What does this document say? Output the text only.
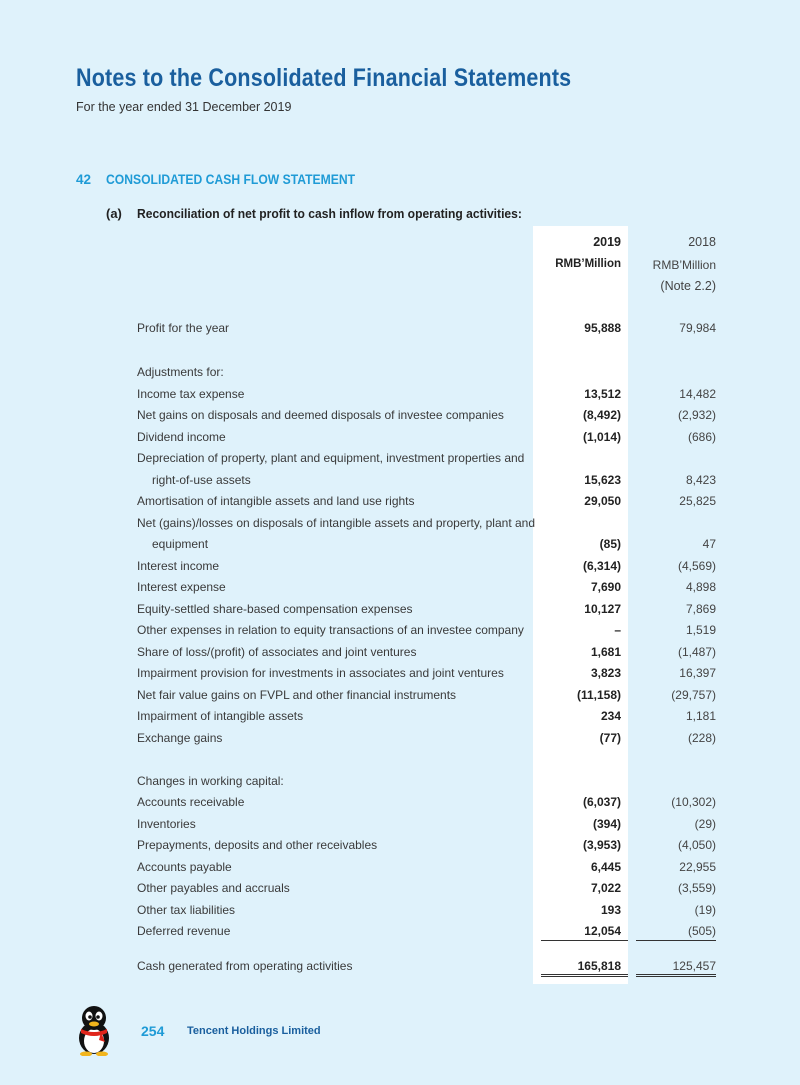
Notes to the Consolidated Financial Statements
For the year ended 31 December 2019
42 CONSOLIDATED CASH FLOW STATEMENT
(a) Reconciliation of net profit to cash inflow from operating activities:
2019	2018
RMB’Million	RMB’Million
(Note 2.2)
Profit for the year	95,888	79,984
Adjustments for:
Income tax expense	13,512	14,482
Net gains on disposals and deemed disposals of investee companies	(8,492)	(2,932)
Dividend income	(1,014)	(686)
Depreciation of property, plant and equipment, investment properties and
right-of-use assets	15,623	8,423
Amortisation of intangible assets and land use rights	29,050	25,825
Net (gains)/losses on disposals of intangible assets and property, plant and
equipment	(85)	47
Interest income	(6,314)	(4,569)
Interest expense	7,690	4,898
Equity-settled share-based compensation expenses	10,127	7,869
Other expenses in relation to equity transactions of an investee company	–	1,519
Share of loss/(profit) of associates and joint ventures	1,681	(1,487)
Impairment provision for investments in associates and joint ventures	3,823	16,397
Net fair value gains on FVPL and other financial instruments	(11,158)	(29,757)
Impairment of intangible assets	234	1,181
Exchange gains	(77)	(228)
Changes in working capital:
Accounts receivable	(6,037)	(10,302)
Inventories	(394)	(29)
Prepayments, deposits and other receivables	(3,953)	(4,050)
Accounts payable	6,445	22,955
Other payables and accruals	7,022	(3,559)
Other tax liabilities	193	(19)
Deferred revenue	12,054	(505)
Cash generated from operating activities	165,818	125,457
254 Tencent Holdings Limited
